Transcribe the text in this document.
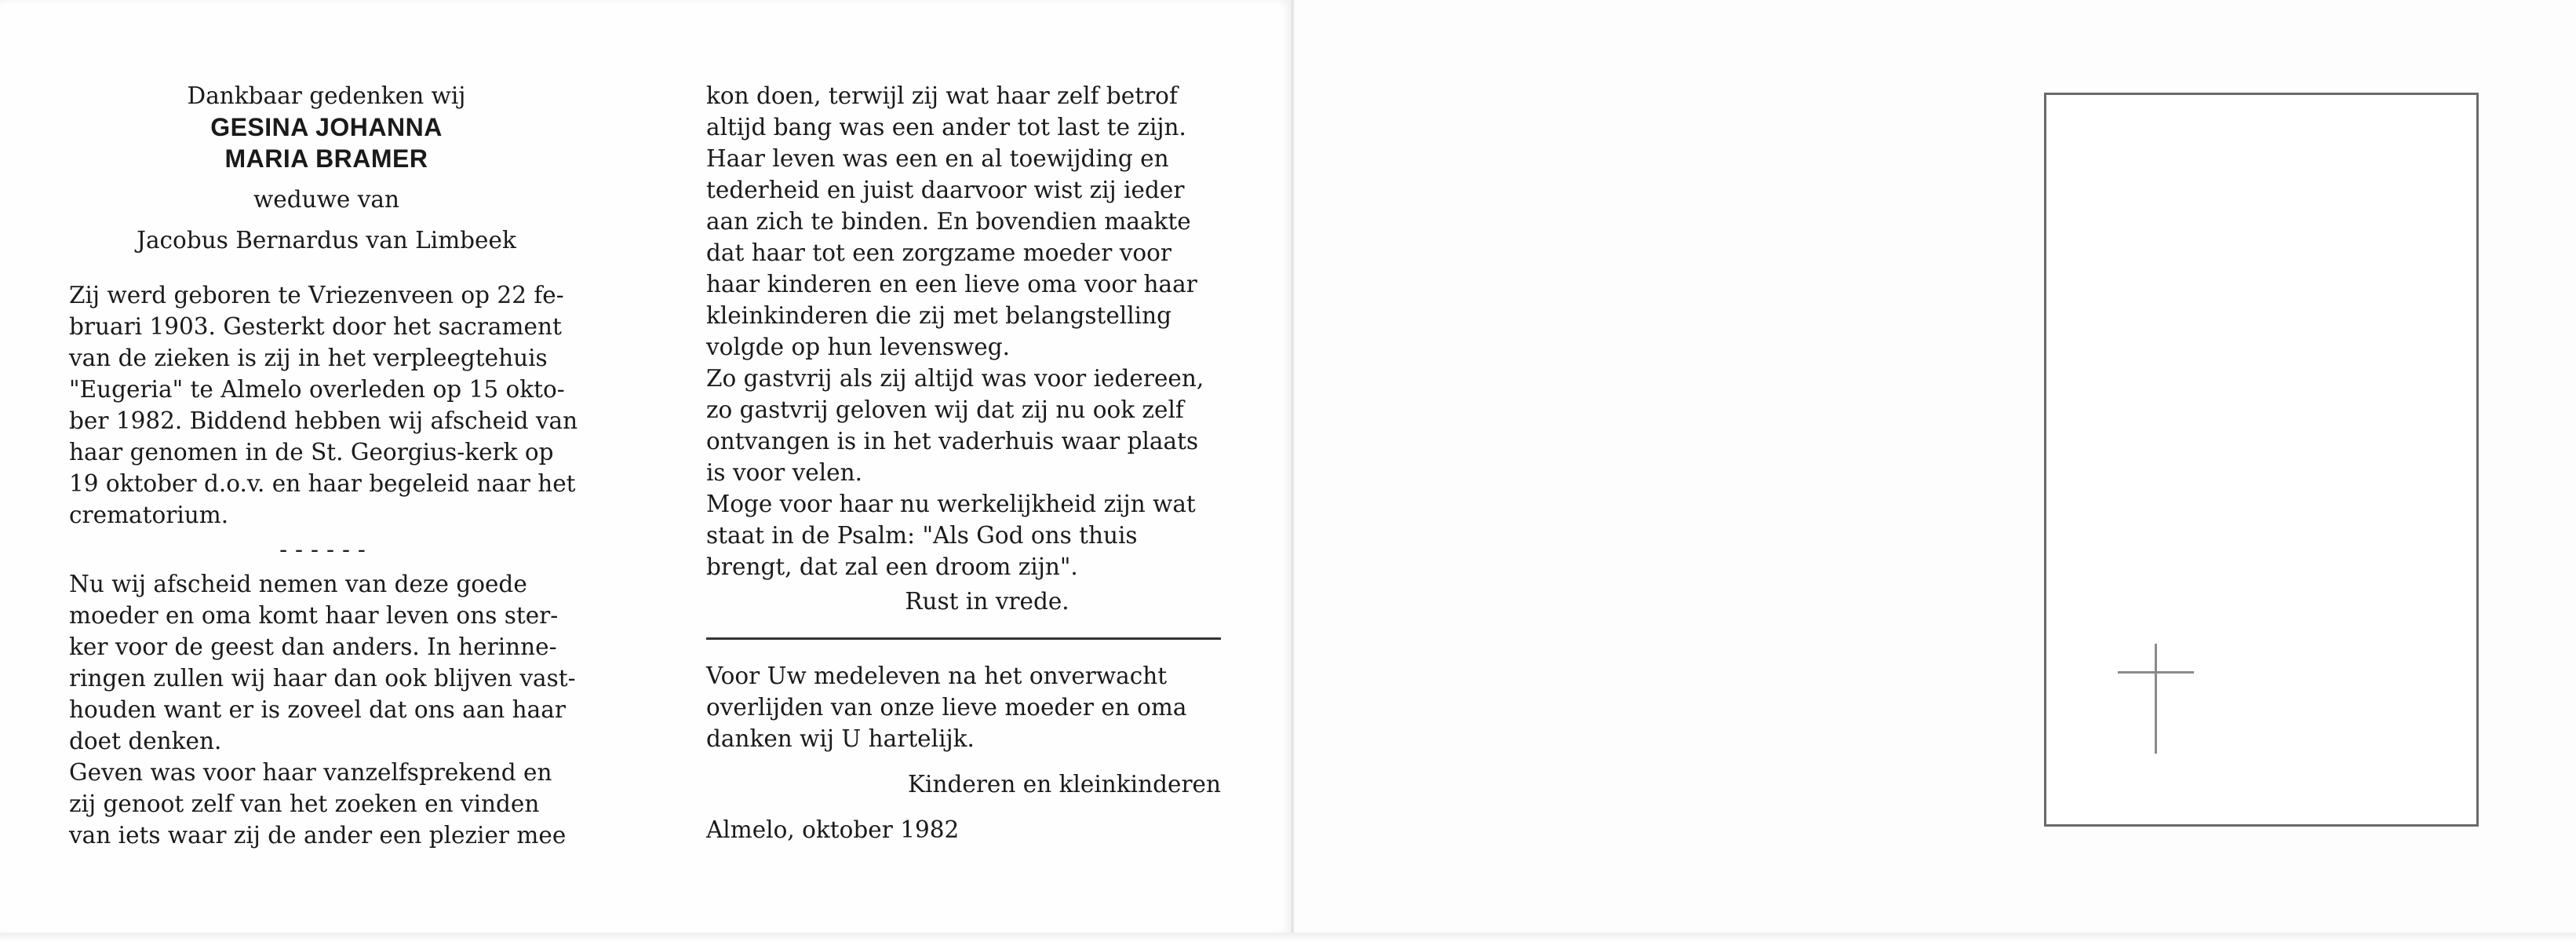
Dankbaar gedenken wij
GESINA JOHANNA
MARIA BRAMER
weduwe van
Jacobus Bernardus van Limbeek
Zij werd geboren te Vriezenveen op 22 fe-
bruari 1903. Gesterkt door het sacrament
van de zieken is zij in het verpleegtehuis
"Eugeria" te Almelo overleden op 15 okto-
ber 1982. Biddend hebben wij afscheid van
haar genomen in de St. Georgius-kerk op
19 oktober d.o.v. en haar begeleid naar het
crematorium.
------
Nu wij afscheid nemen van deze goede
moeder en oma komt haar leven ons ster-
ker voor de geest dan anders. In herinne-
ringen zullen wij haar dan ook blijven vast-
houden want er is zoveel dat ons aan haar
doet denken.
Geven was voor haar vanzelfsprekend en
zij genoot zelf van het zoeken en vinden
van iets waar zij de ander een plezier mee
kon doen, terwijl zij wat haar zelf betrof
altijd bang was een ander tot last te zijn.
Haar leven was een en al toewijding en
tederheid en juist daarvoor wist zij ieder
aan zich te binden. En bovendien maakte
dat haar tot een zorgzame moeder voor
haar kinderen en een lieve oma voor haar
kleinkinderen die zij met belangstelling
volgde op hun levensweg.
Zo gastvrij als zij altijd was voor iedereen,
zo gastvrij geloven wij dat zij nu ook zelf
ontvangen is in het vaderhuis waar plaats
is voor velen.
Moge voor haar nu werkelijkheid zijn wat
staat in de Psalm: "Als God ons thuis
brengt, dat zal een droom zijn".
Rust in vrede.
Voor Uw medeleven na het onverwacht
overlijden van onze lieve moeder en oma
danken wij U hartelijk.
Kinderen en kleinkinderen
Almelo, oktober 1982
